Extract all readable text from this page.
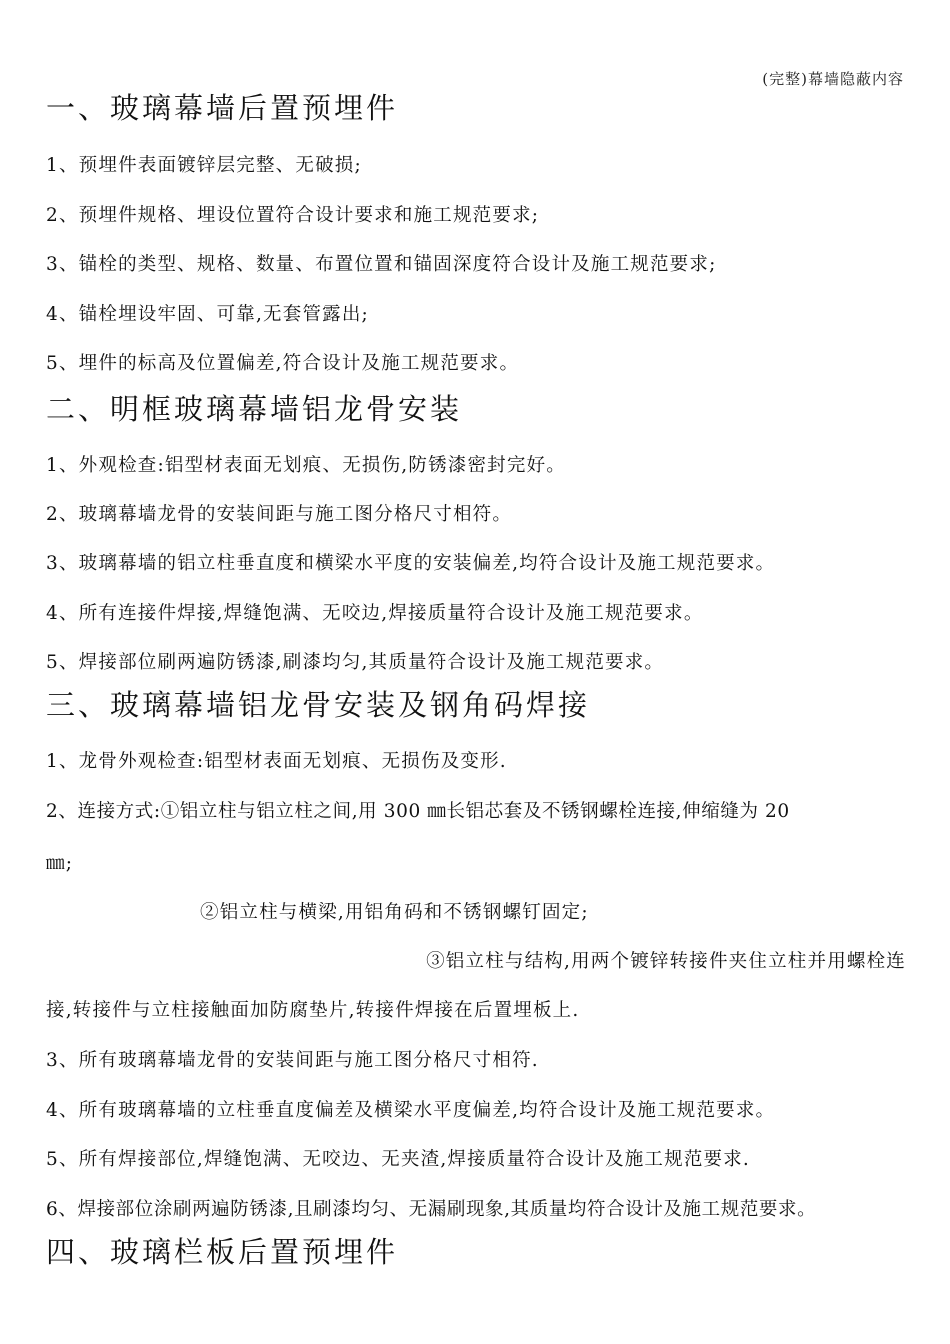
(完整)幕墙隐蔽内容
一、玻璃幕墙后置预埋件
1、预埋件表面镀锌层完整、无破损;
2、预埋件规格、埋设位置符合设计要求和施工规范要求;
3、锚栓的类型、规格、数量、布置位置和锚固深度符合设计及施工规范要求;
4、锚栓埋设牢固、可靠,无套管露出;
5、埋件的标高及位置偏差,符合设计及施工规范要求。
二、明框玻璃幕墙铝龙骨安装
1、外观检查:铝型材表面无划痕、无损伤,防锈漆密封完好。
2、玻璃幕墙龙骨的安装间距与施工图分格尺寸相符。
3、玻璃幕墙的铝立柱垂直度和横梁水平度的安装偏差,均符合设计及施工规范要求。
4、所有连接件焊接,焊缝饱满、无咬边,焊接质量符合设计及施工规范要求。
5、焊接部位刷两遍防锈漆,刷漆均匀,其质量符合设计及施工规范要求。
三、玻璃幕墙铝龙骨安装及钢角码焊接
1、龙骨外观检查:铝型材表面无划痕、无损伤及变形.
2、连接方式:①铝立柱与铝立柱之间,用 300 ㎜长铝芯套及不锈钢螺栓连接,伸缩缝为 20
㎜;
②铝立柱与横梁,用铝角码和不锈钢螺钉固定;
③铝立柱与结构,用两个镀锌转接件夹住立柱并用螺栓连
接,转接件与立柱接触面加防腐垫片,转接件焊接在后置埋板上.
3、所有玻璃幕墙龙骨的安装间距与施工图分格尺寸相符.
4、所有玻璃幕墙的立柱垂直度偏差及横梁水平度偏差,均符合设计及施工规范要求。
5、所有焊接部位,焊缝饱满、无咬边、无夹渣,焊接质量符合设计及施工规范要求.
6、焊接部位涂刷两遍防锈漆,且刷漆均匀、无漏刷现象,其质量均符合设计及施工规范要求。
四、玻璃栏板后置预埋件
